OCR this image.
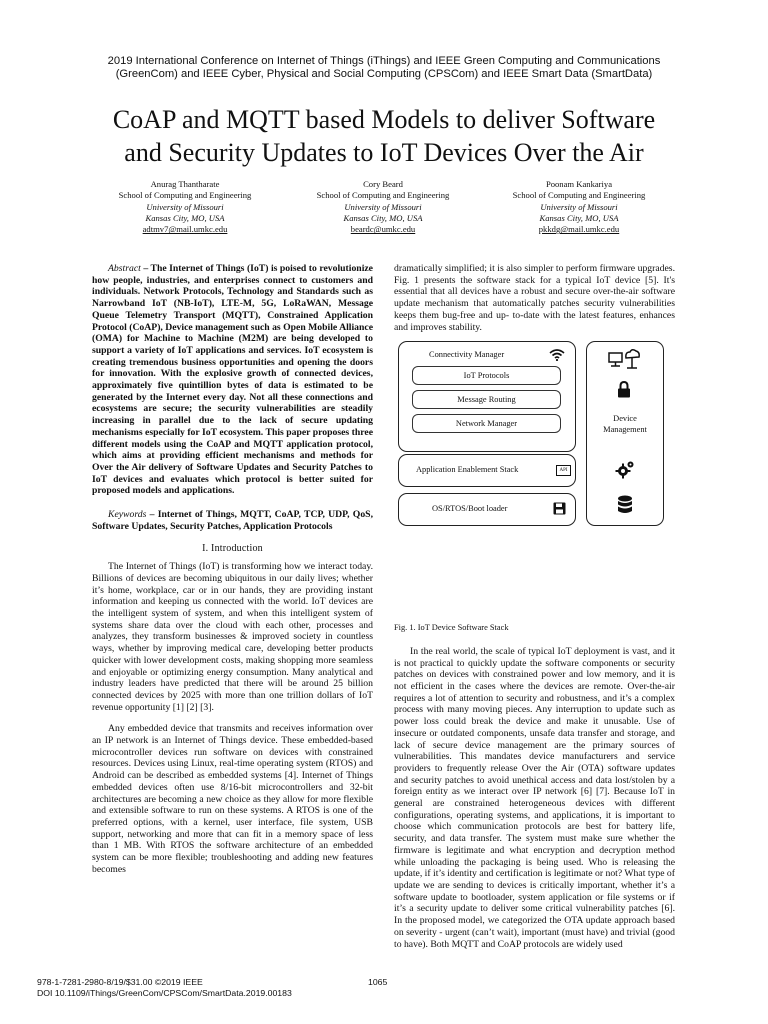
2019 International Conference on Internet of Things (iThings) and IEEE Green Computing and Communications
(GreenCom) and IEEE Cyber, Physical and Social Computing (CPSCom) and IEEE Smart Data (SmartData)
CoAP and MQTT based Models to deliver Software
and Security Updates to IoT Devices Over the Air
Anurag Thantharate
School of Computing and Engineering
University of Missouri
Kansas City, MO, USA
adtmv7@mail.umkc.edu
Cory Beard
School of Computing and Engineering
University of Missouri
Kansas City, MO, USA
beardc@umkc.edu
Poonam Kankariya
School of Computing and Engineering
University of Missouri
Kansas City, MO, USA
pkkdg@mail.umkc.edu

Abstract – The Internet of Things (IoT) is poised to revolutionize how people, industries, and enterprises connect to customers and individuals. Network Protocols, Technology and Standards such as Narrowband IoT (NB-IoT), LTE-M, 5G, LoRaWAN, Message Queue Telemetry Transport (MQTT), Constrained Application Protocol (CoAP), Device management such as Open Mobile Alliance (OMA) for Machine to Machine (M2M) are being developed to support a variety of IoT applications and services. IoT ecosystem is creating tremendous business opportunities and opening the doors for innovation. With the explosive growth of connected devices, approximately five quintillion bytes of data is estimated to be generated by the Internet every day. Not all these connections and ecosystems are secure; the security vulnerabilities are steadily increasing in parallel due to the lack of secure updating mechanisms especially for IoT ecosystem. This paper proposes three different models using the CoAP and MQTT application protocol, which aims at providing efficient mechanisms and methods for Over the Air delivery of Software Updates and Security Patches to IoT devices and evaluates which protocol is better suited for proposed models and applications.

Keywords – Internet of Things, MQTT, CoAP, TCP, UDP, QoS, Software Updates, Security Patches, Application Protocols

I. Introduction

The Internet of Things (IoT) is transforming how we interact today. Billions of devices are becoming ubiquitous in our daily lives; whether it’s home, workplace, car or in our hands, they are providing instant information and keeping us connected with the world. IoT devices are the intelligent system of system, and when this intelligent system of systems share data over the cloud with each other, processes and analyzes, they transform businesses & improved society in countless ways, whether by improving medical care, developing better products quicker with lower development costs, making shopping more seamless and enjoyable or optimizing energy consumption. Many analytical and industry leaders have predicted that there will be around 25 billion connected devices by 2025 with more than one trillion dollars of IoT revenue opportunity [1] [2] [3].

Any embedded device that transmits and receives information over an IP network is an Internet of Things device. These embedded-based microcontroller devices run software on devices with constrained resources. Devices using Linux, real-time operating system (RTOS) and Android can be described as embedded systems [4]. Internet of Things embedded devices often use 8/16-bit microcontrollers and 32-bit architectures are becoming a new choice as they allow for more flexible and extensible software to run on these systems. A RTOS is one of the preferred options, with a kernel, user interface, file system, USB support, networking and more that can fit in a memory space of less than 1 MB. With RTOS the software architecture of an embedded system can be more flexible; troubleshooting and adding new features becomes

dramatically simplified; it is also simpler to perform firmware upgrades. Fig. 1 presents the software stack for a typical IoT device [5]. It's essential that all devices have a robust and secure over-the-air software update mechanism that automatically patches security vulnerabilities keeps them bug-free and up- to-date with the latest features, enhances and improves stability.

Connectivity Manager
IoT Protocols
Message Routing
Network Manager
Application Enablement Stack	API
OS/RTOS/Boot loader
Device
Management

Fig. 1. IoT Device Software Stack

In the real world, the scale of typical IoT deployment is vast, and it is not practical to quickly update the software components or security patches on devices with constrained power and low memory, and it is not efficient in the cases where the devices are remote. Over-the-air requires a lot of attention to security and robustness, and it’s a complex process with many moving pieces. Any interruption to update such as power loss could break the device and make it unusable. Use of insecure or outdated components, unsafe data transfer and storage, and lack of secure device management are the primary sources of vulnerabilities. This mandates device manufacturers and service providers to frequently release Over the Air (OTA) software updates and security patches to avoid unethical access and data lost/stolen by a foreign entity as we interact over IP network [6] [7]. Because IoT in general are constrained heterogeneous devices with different configurations, operating systems, and applications, it is important to choose which communication protocols are best for battery life, security, and data transfer. The system must make sure whether the firmware is legitimate and what encryption and decryption method while unloading the packaging is being used. Who is releasing the update, if it’s identity and certification is legitimate or not? What type of update we are sending to devices is critically important, whether it’s a software update to bootloader, system application or file systems or if it’s a security update to deliver some critical vulnerability patches [6]. In the proposed model, we categorized the OTA update approach based on severity - urgent (can’t wait), important (must have) and trivial (good to have). Both MQTT and CoAP protocols are widely used

978-1-7281-2980-8/19/$31.00 ©2019 IEEE
DOI 10.1109/iThings/GreenCom/CPSCom/SmartData.2019.00183
1065
